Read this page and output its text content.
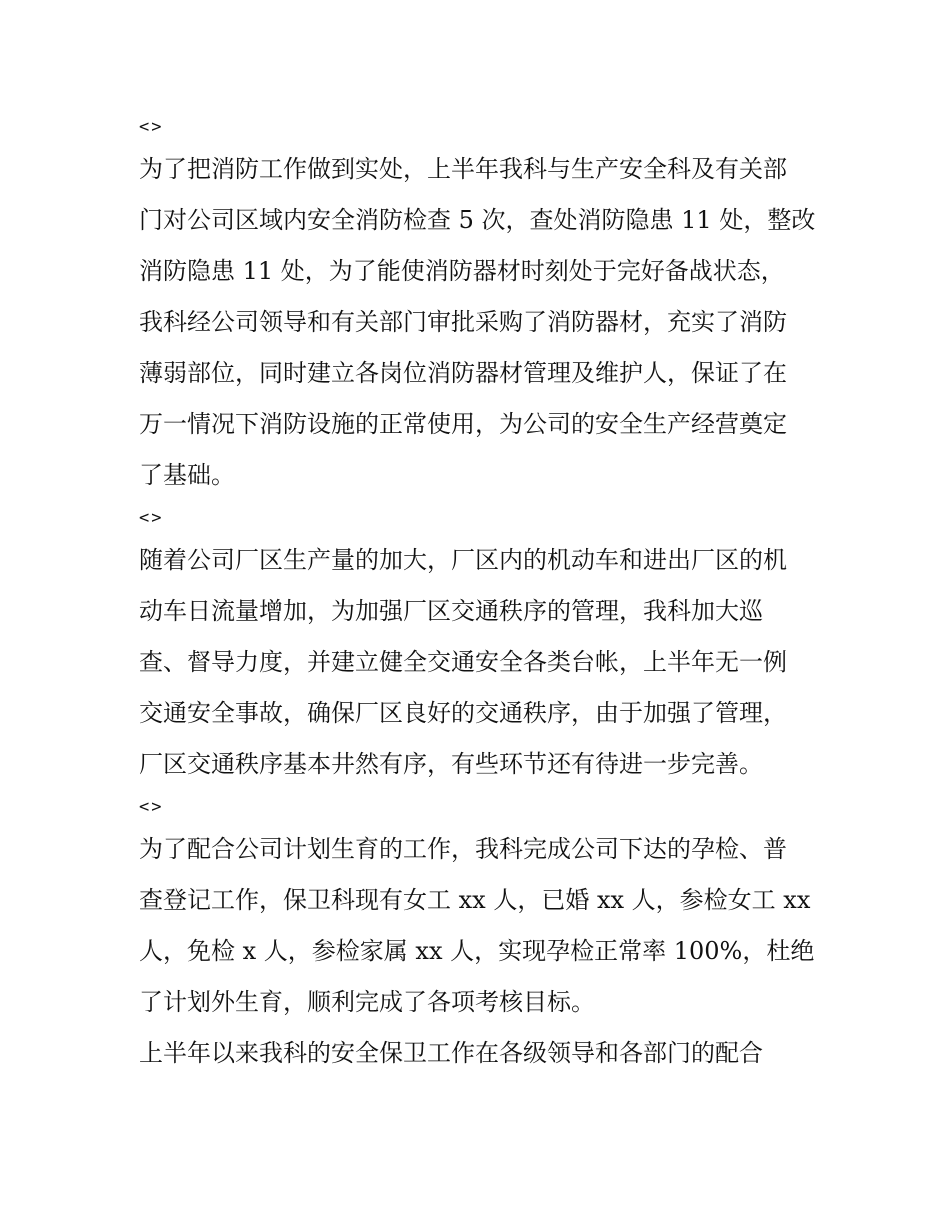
<>

为了把消防工作做到实处，上半年我科与生产安全科及有关部
门对公司区域内安全消防检查 5 次，查处消防隐患 11 处，整改
消防隐患 11 处，为了能使消防器材时刻处于完好备战状态，
我科经公司领导和有关部门审批采购了消防器材，充实了消防
薄弱部位，同时建立各岗位消防器材管理及维护人，保证了在
万一情况下消防设施的正常使用，为公司的安全生产经营奠定
了基础。

<>

随着公司厂区生产量的加大，厂区内的机动车和进出厂区的机
动车日流量增加，为加强厂区交通秩序的管理，我科加大巡
查、督导力度，并建立健全交通安全各类台帐，上半年无一例
交通安全事故，确保厂区良好的交通秩序，由于加强了管理，
厂区交通秩序基本井然有序，有些环节还有待进一步完善。

<>

为了配合公司计划生育的工作，我科完成公司下达的孕检、普
查登记工作，保卫科现有女工 xx 人，已婚 xx 人，参检女工 xx
人，免检 x 人，参检家属 xx 人，实现孕检正常率 100%，杜绝
了计划外生育，顺利完成了各项考核目标。

上半年以来我科的安全保卫工作在各级领导和各部门的配合
